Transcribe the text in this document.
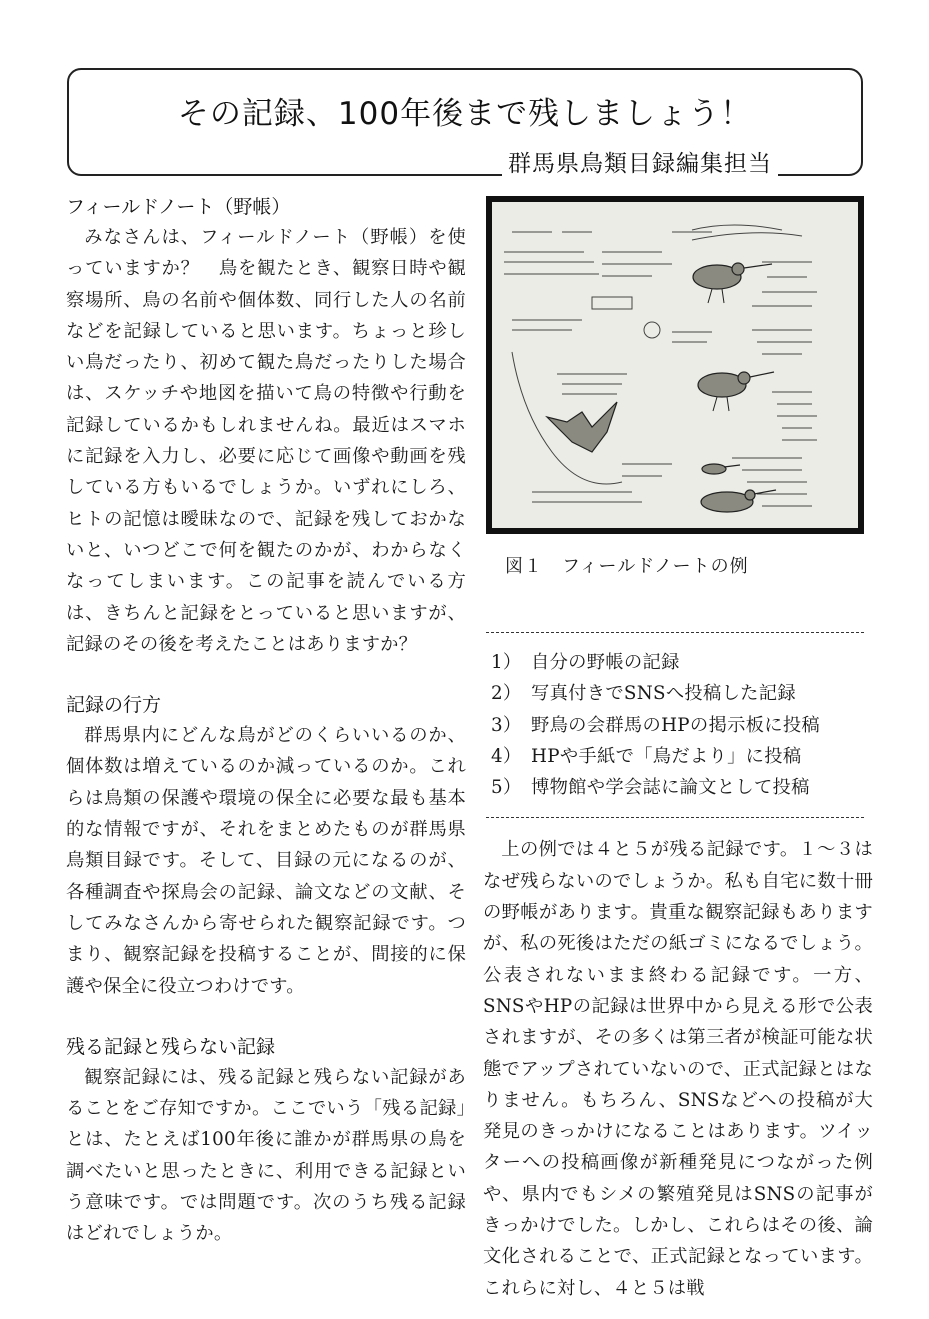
その記録、100年後まで残しましょう！
群馬県鳥類目録編集担当
フィールドノート（野帳）

みなさんは、フィールドノート（野帳）を使っていますか？　鳥を観たとき、観察日時や観察場所、鳥の名前や個体数、同行した人の名前などを記録していると思います。ちょっと珍しい鳥だったり、初めて観た鳥だったりした場合は、スケッチや地図を描いて鳥の特徴や行動を記録しているかもしれませんね。最近はスマホに記録を入力し、必要に応じて画像や動画を残している方もいるでしょうか。いずれにしろ、ヒトの記憶は曖昧なので、記録を残しておかないと、いつどこで何を観たのかが、わからなくなってしまいます。この記事を読んでいる方は、きちんと記録をとっていると思いますが、記録のその後を考えたことはありますか？

記録の行方

群馬県内にどんな鳥がどのくらいいるのか、個体数は増えているのか減っているのか。これらは鳥類の保護や環境の保全に必要な最も基本的な情報ですが、それをまとめたものが群馬県鳥類目録です。そして、目録の元になるのが、各種調査や探鳥会の記録、論文などの文献、そしてみなさんから寄せられた観察記録です。つまり、観察記録を投稿することが、間接的に保護や保全に役立つわけです。

残る記録と残らない記録

観察記録には、残る記録と残らない記録があることをご存知ですか。ここでいう「残る記録」とは、たとえば100年後に誰かが群馬県の鳥を調べたいと思ったときに、利用できる記録という意味です。では問題です。次のうち残る記録はどれでしょうか。

図１　フィールドノートの例
1） 自分の野帳の記録
2） 写真付きでSNSへ投稿した記録
3） 野鳥の会群馬のHPの掲示板に投稿
4） HPや手紙で「鳥だより」に投稿
5） 博物館や学会誌に論文として投稿

上の例では４と５が残る記録です。１～３はなぜ残らないのでしょうか。私も自宅に数十冊の野帳があります。貴重な観察記録もありますが、私の死後はただの紙ゴミになるでしょう。公表されないまま終わる記録です。一方、SNSやHPの記録は世界中から見える形で公表されますが、その多くは第三者が検証可能な状態でアップされていないので、正式記録とはなりません。もちろん、SNSなどへの投稿が大発見のきっかけになることはあります。ツイッターへの投稿画像が新種発見につながった例や、県内でもシメの繁殖発見はSNSの記事がきっかけでした。しかし、これらはその後、論文化されることで、正式記録となっています。これらに対し、４と５は戦
